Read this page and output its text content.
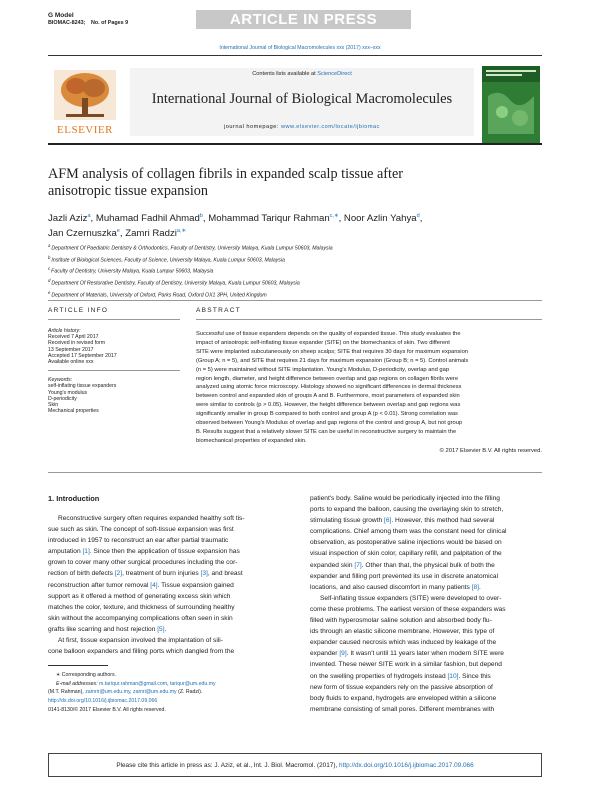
G Model
BIOMAC-8243; No. of Pages 9	ARTICLE IN PRESS
International Journal of Biological Macromolecules xxx (2017) xxx–xxx
ELSEVIER
Contents lists available at ScienceDirect
International Journal of Biological Macromolecules
journal homepage: www.elsevier.com/locate/ijbiomac
AFM analysis of collagen fibrils in expanded scalp tissue after
anisotropic tissue expansion
Jazli Aziz$^a$, Muhamad Fadhil Ahmad$^b$, Mohammad Tariqur Rahman$^{c,∗}$, Noor Azlin Yahya$^d$,
Jan Czernuszka$^e$, Zamri Radzi$^{a,∗}$
$^a$Department Of Paediatric Dentistry & Orthodontics, Faculty of Dentistry, University Malaya, Kuala Lumpur 50603, Malaysia
$^b$Institute of Biological Sciences, Faculty of Science, University Malaya, Kuala Lumpur 50603, Malaysia
$^c$Faculty of Dentistry, University Malaya, Kuala Lumpur 50603, Malaysia
$^d$Department Of Restorative Dentistry, Faculty of Dentistry, University Malaya, Kuala Lumpur 50603, Malaysia
$^e$Department of Materials, University of Oxford, Parks Road, Oxford OX1 3PH, United Kingdom
ARTICLE INFO
Article history:
Received 7 April 2017
Received in revised form
13 September 2017
Accepted 17 September 2017
Available online xxx
Keywords:
self-inflating tissue expanders
Young's modulus
D-periodicity
Skin
Mechanical properties
ABSTRACT
Successful use of tissue expanders depends on the quality of expanded tissue. This study evaluates the
impact of anisotropic self-inflating tissue expander (SITE) on the biomechanics of skin. Two different
SITE were implanted subcutaneously on sheep scalps; SITE that requires 30 days for maximum expansion
(Group A; n = 5), and SITE that requires 21 days for maximum expansion (Group B; n = 5). Control animals
(n = 5) were maintained without SITE implantation. Young's Modulus, D-periodicity, overlap and gap
region length, diameter, and height difference between overlap and gap regions on collagen fibrils were
analyzed using atomic force microscopy. Histology showed no significant differences in dermal thickness
between control and expanded skin of groups A and B. Furthermore, most parameters of expanded skin
were similar to controls (p > 0.05). However, the height difference between overlap and gap regions was
significantly smaller in group B compared to both control and group A (p < 0.01). Strong correlation was
observed between Young's Modulus of overlap and gap regions of the control and group A, but not group
B. Results suggest that a relatively slower SITE can be useful in reconstructive surgery to maintain the
biomechanical properties of expanded skin.
© 2017 Elsevier B.V. All rights reserved.
1. Introduction
Reconstructive surgery often requires expanded healthy soft tis-
sue such as skin. The concept of soft-tissue expansion was first
introduced in 1957 to reconstruct an ear after partial traumatic
amputation [1]. Since then the application of tissue expansion has
grown to cover many other surgical procedures including the cor-
rection of birth defects [2], treatment of burn injuries [3], and breast
reconstruction after tumor removal [4]. Tissue expansion gained
support as it offered a method of generating excess skin which
matches the color, texture, and thickness of surrounding healthy
skin without the accompanying complications often seen in skin
grafts like scarring and host rejection [5].
At first, tissue expansion involved the implantation of sili-
cone balloon expanders and filling ports which dangled from the
patient's body. Saline would be periodically injected into the filling
ports to expand the balloon, causing the overlaying skin to stretch,
stimulating tissue growth [6]. However, this method had several
complications. Chief among them was the constant need for clinical
observation, as postoperative saline injections would be based on
visual inspection of skin color, capillary refill, and palpitation of the
expanded skin [7]. Other than that, the physical bulk of both the
expander and filling port prevented its use in discrete anatomical
locations, and also caused discomfort in many patients [8].
Self-inflating tissue expanders (SITE) were developed to over-
come these problems. The earliest version of these expanders was
filled with hyperosmolar saline solution and absorbed body flu-
ids through an elastic silicone membrane. However, this type of
expander caused necrosis which was induced by leakage of the
expander [9]. It wasn't until 11 years later when modern SITE were
invented. These newer SITE work in a similar fashion, but depend
on the swelling properties of hydrogels instead [10]. Since this
new form of tissue expanders rely on the passive absorption of
body fluids to expand, hydrogels are enveloped within a silicone
membrane consisting of small pores. Different membranes with
∗ Corresponding authors.
E-mail addresses: m.tariqur.rahman@gmail.com, tariqur@um.edu.my
(M.T. Rahman), zamrir@um.edu.my, zamri@um.edu.my (Z. Radzi).
http://dx.doi.org/10.1016/j.ijbiomac.2017.09.066
0141-8130/© 2017 Elsevier B.V. All rights reserved.
Please cite this article in press as: J. Aziz, et al., Int. J. Biol. Macromol. (2017), http://dx.doi.org/10.1016/j.ijbiomac.2017.09.066
